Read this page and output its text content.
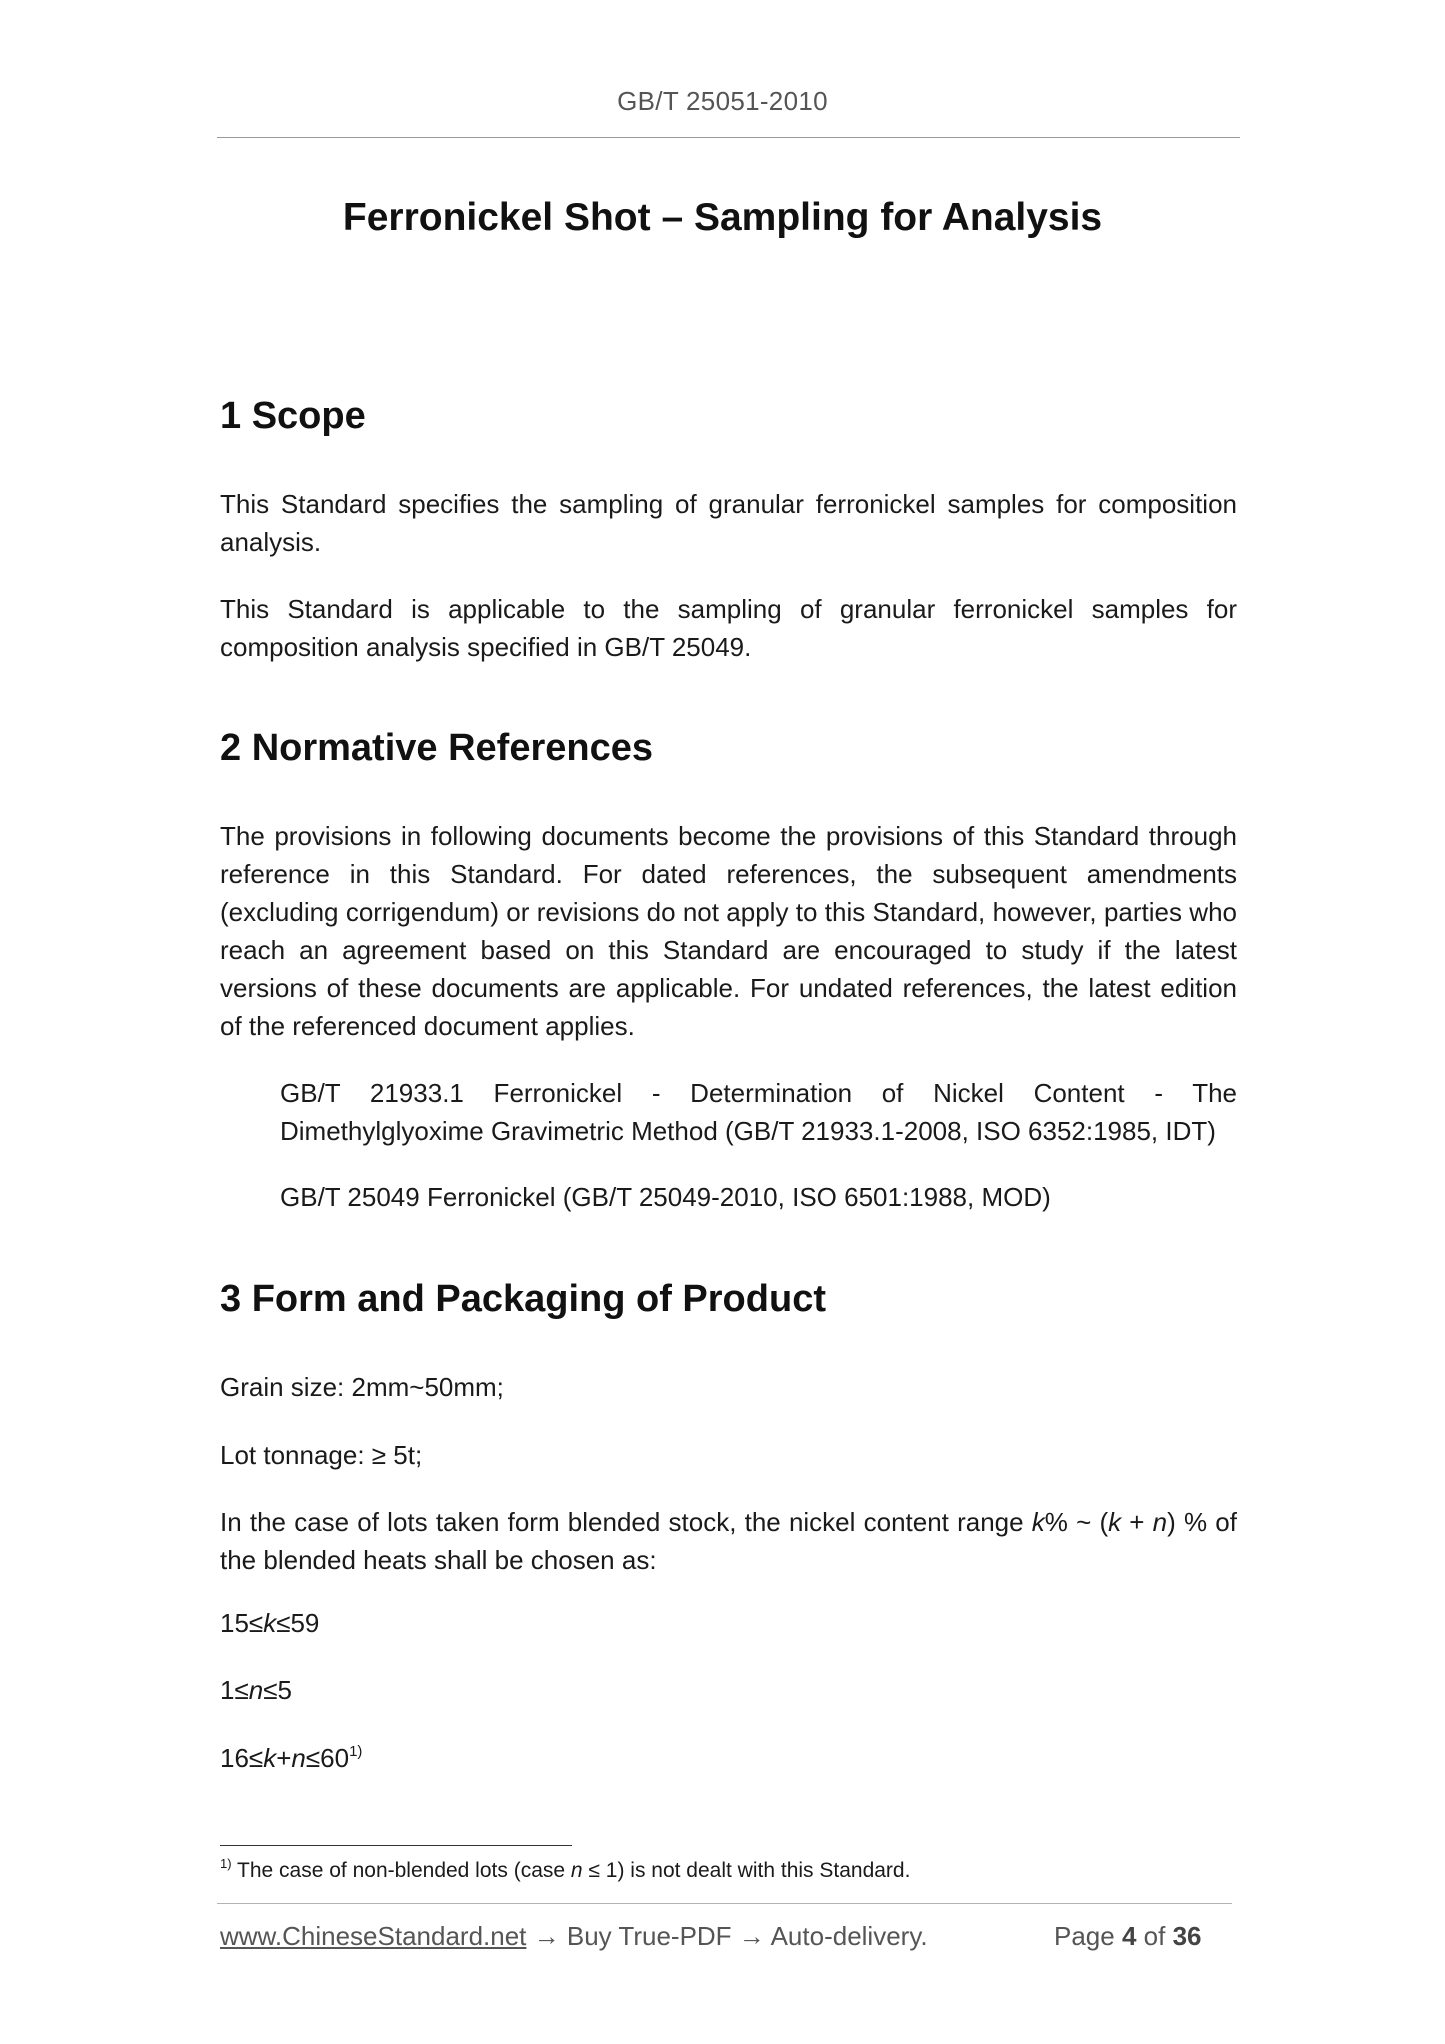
GB/T 25051-2010
Ferronickel Shot – Sampling for Analysis
1 Scope
This Standard specifies the sampling of granular ferronickel samples for composition analysis.
This Standard is applicable to the sampling of granular ferronickel samples for composition analysis specified in GB/T 25049.
2 Normative References
The provisions in following documents become the provisions of this Standard through reference in this Standard. For dated references, the subsequent amendments (excluding corrigendum) or revisions do not apply to this Standard, however, parties who reach an agreement based on this Standard are encouraged to study if the latest versions of these documents are applicable. For undated references, the latest edition of the referenced document applies.
GB/T 21933.1 Ferronickel - Determination of Nickel Content - The Dimethylglyoxime Gravimetric Method (GB/T 21933.1-2008, ISO 6352:1985, IDT)
GB/T 25049 Ferronickel (GB/T 25049-2010, ISO 6501:1988, MOD)
3 Form and Packaging of Product
Grain size: 2mm~50mm;
Lot tonnage: ≥ 5t;
In the case of lots taken form blended stock, the nickel content range k% ~ (k + n) % of the blended heats shall be chosen as:
15≤k≤59
1≤n≤5
$16\le k+n\le 60^{1)}$
$^{1)}$ The case of non-blended lots (case n ≤ 1) is not dealt with this Standard.
www.ChineseStandard.net → Buy True-PDF → Auto-delivery.	Page 4 of 36
